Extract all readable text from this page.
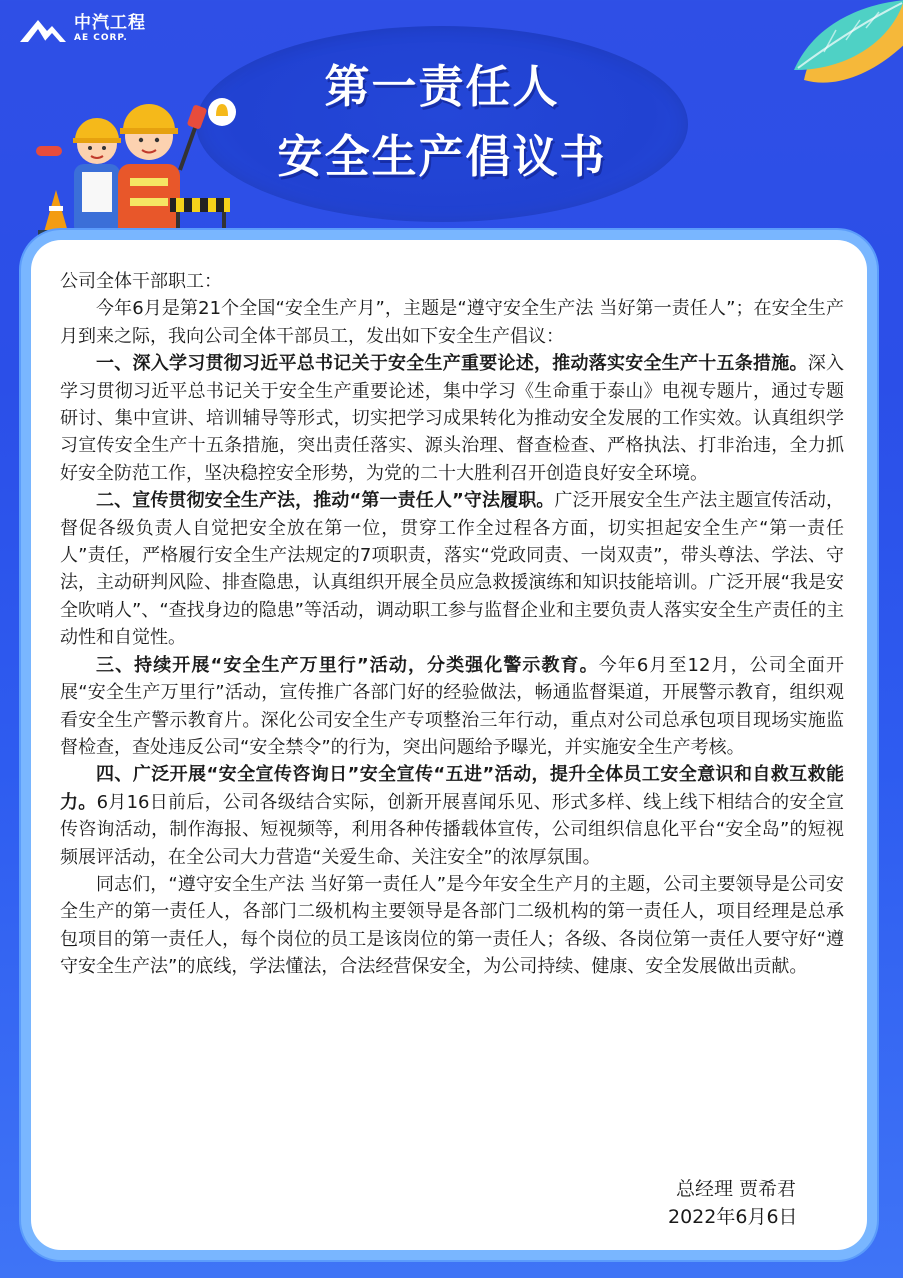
中汽工程
AE CORP.
第一责任人
安全生产倡议书

公司全体干部职工：

今年6月是第21个全国“安全生产月”，主题是“遵守安全生产法 当好第一责任人”；在安全生产月到来之际，我向公司全体干部员工，发出如下安全生产倡议：

一、深入学习贯彻习近平总书记关于安全生产重要论述，推动落实安全生产十五条措施。深入学习贯彻习近平总书记关于安全生产重要论述，集中学习《生命重于泰山》电视专题片，通过专题研讨、集中宣讲、培训辅导等形式，切实把学习成果转化为推动安全发展的工作实效。认真组织学习宣传安全生产十五条措施，突出责任落实、源头治理、督查检查、严格执法、打非治违，全力抓好安全防范工作，坚决稳控安全形势，为党的二十大胜利召开创造良好安全环境。

二、宣传贯彻安全生产法，推动“第一责任人”守法履职。广泛开展安全生产法主题宣传活动，督促各级负责人自觉把安全放在第一位，贯穿工作全过程各方面，切实担起安全生产“第一责任人”责任，严格履行安全生产法规定的7项职责，落实“党政同责、一岗双责”，带头尊法、学法、守法，主动研判风险、排查隐患，认真组织开展全员应急救援演练和知识技能培训。广泛开展“我是安全吹哨人”、“查找身边的隐患”等活动，调动职工参与监督企业和主要负责人落实安全生产责任的主动性和自觉性。

三、持续开展“安全生产万里行”活动，分类强化警示教育。今年6月至12月，公司全面开展“安全生产万里行”活动，宣传推广各部门好的经验做法，畅通监督渠道，开展警示教育，组织观看安全生产警示教育片。深化公司安全生产专项整治三年行动，重点对公司总承包项目现场实施监督检查，查处违反公司“安全禁令”的行为，突出问题给予曝光，并实施安全生产考核。

四、广泛开展“安全宣传咨询日”安全宣传“五进”活动，提升全体员工安全意识和自救互救能力。6月16日前后，公司各级结合实际，创新开展喜闻乐见、形式多样、线上线下相结合的安全宣传咨询活动，制作海报、短视频等，利用各种传播载体宣传，公司组织信息化平台“安全岛”的短视频展评活动，在全公司大力营造“关爱生命、关注安全”的浓厚氛围。

同志们，“遵守安全生产法 当好第一责任人”是今年安全生产月的主题，公司主要领导是公司安全生产的第一责任人，各部门二级机构主要领导是各部门二级机构的第一责任人，项目经理是总承包项目的第一责任人，每个岗位的员工是该岗位的第一责任人；各级、各岗位第一责任人要守好“遵守安全生产法”的底线，学法懂法，合法经营保安全，为公司持续、健康、安全发展做出贡献。

总经理 贾希君
2022年6月6日
